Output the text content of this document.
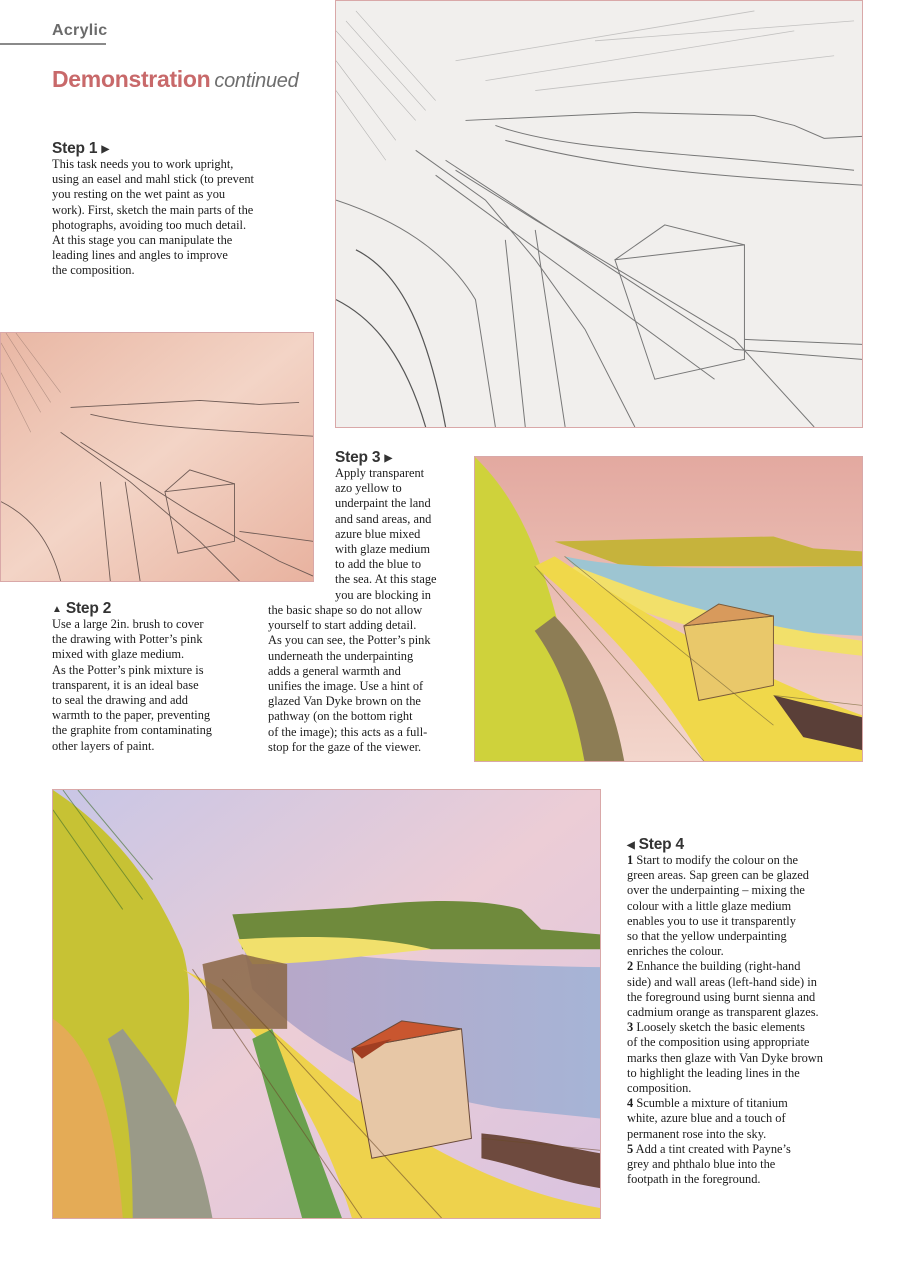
Acrylic
Demonstration continued
Step 1 ▶

This task needs you to work upright,

using an easel and mahl stick (to prevent

you resting on the wet paint as you

work). First, sketch the main parts of the

photographs, avoiding too much detail.

At this stage you can manipulate the

leading lines and angles to improve

the composition.

▲ Step 2

Use a large 2in. brush to cover

the drawing with Potter’s pink

mixed with glaze medium.

As the Potter’s pink mixture is

transparent, it is an ideal base

to seal the drawing and add

warmth to the paper, preventing

the graphite from contaminating

other layers of paint.

Step 3 ▶

Apply transparent

azo yellow to

underpaint the land

and sand areas, and

azure blue mixed

with glaze medium

to add the blue to

the sea. At this stage

you are blocking in

the basic shape so do not allow

yourself to start adding detail.

As you can see, the Potter’s pink

underneath the underpainting

adds a general warmth and

unifies the image. Use a hint of

glazed Van Dyke brown on the

pathway (on the bottom right

of the image); this acts as a full-

stop for the gaze of the viewer.

◀ Step 4

1 Start to modify the colour on the

green areas. Sap green can be glazed

over the underpainting – mixing the

colour with a little glaze medium

enables you to use it transparently

so that the yellow underpainting

enriches the colour.

2 Enhance the building (right-hand

side) and wall areas (left-hand side) in

the foreground using burnt sienna and

cadmium orange as transparent glazes.

3 Loosely sketch the basic elements

of the composition using appropriate

marks then glaze with Van Dyke brown

to highlight the leading lines in the

composition.

4 Scumble a mixture of titanium

white, azure blue and a touch of

permanent rose into the sky.

5 Add a tint created with Payne’s

grey and phthalo blue into the

footpath in the foreground.
